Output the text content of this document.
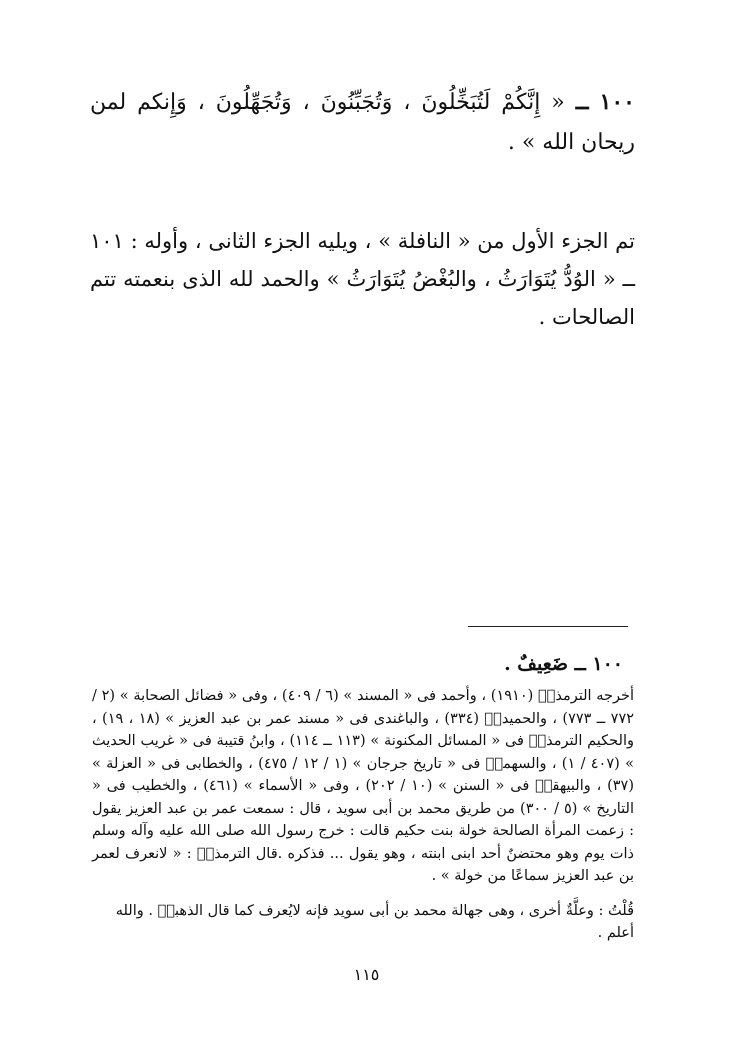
١٠٠ ــ « إِنَّكُمْ لَتُبَخِّلُونَ ، وَتُجَبِّنُونَ ، وَتُجَهِّلُونَ ، وَإِنكم لمن ريحان الله » .
تم الجزء الأول من « النافلة » ، ويليه الجزء الثانى ، وأوله : ١٠١ ــ « الوُدُّ يُتَوَارَثُ ، والبُغْضُ يُتَوَارَثُ » والحمد لله الذى بنعمته تتم الصالحات .
١٠٠ ــ ضَعِيفٌ .
أخرجه الترمذیؒ (١٩١٠) ، وأحمد فى « المسند » (٦ / ٤٠٩) ، وفى « فضائل الصحابة » (٢ / ٧٧٢ ــ ٧٧٣) ، والحميدیؒ (٣٣٤) ، والباغندى فى « مسند عمر بن عبد العزيز » (١٨ ، ١٩) ، والحكيم الترمذیؒ فى « المسائل المكنونة » (١١٣ ــ ١١٤) ، وابنُ قتيبة فى « غريب الحديث » (٤٠٧ / ١) ، والسهمیؒ فى « تاريخ جرجان » (١ / ١٢ / ٤٧٥) ، والخطابى فى « العزلة » (٣٧) ، والبيهقیؒ فى « السنن » (١٠ / ٢٠٢) ، وفى « الأسماء » (٤٦١) ، والخطيب فى « التاريخ » (٥ / ٣٠٠) من طريق محمد بن أبى سويد ، قال : سمعت عمر بن عبد العزيز يقول : زعمت المرأة الصالحة خولة بنت حكيم قالت : خرج رسول الله صلى الله عليه وآله وسلم ذات يوم وهو محتضنٌ أحد ابنى ابنته ، وهو يقول ... فذكره .قال الترمذیؒ : « لانعرف لعمر بن عبد العزيز سماعًا من خولة » .
قُلْتُ : وعلَّةٌ أخرى ، وهى جهالة محمد بن أبى سويد فإنه لايُعرف كما قال الذهبیؒ . والله أعلم .
١١٥
